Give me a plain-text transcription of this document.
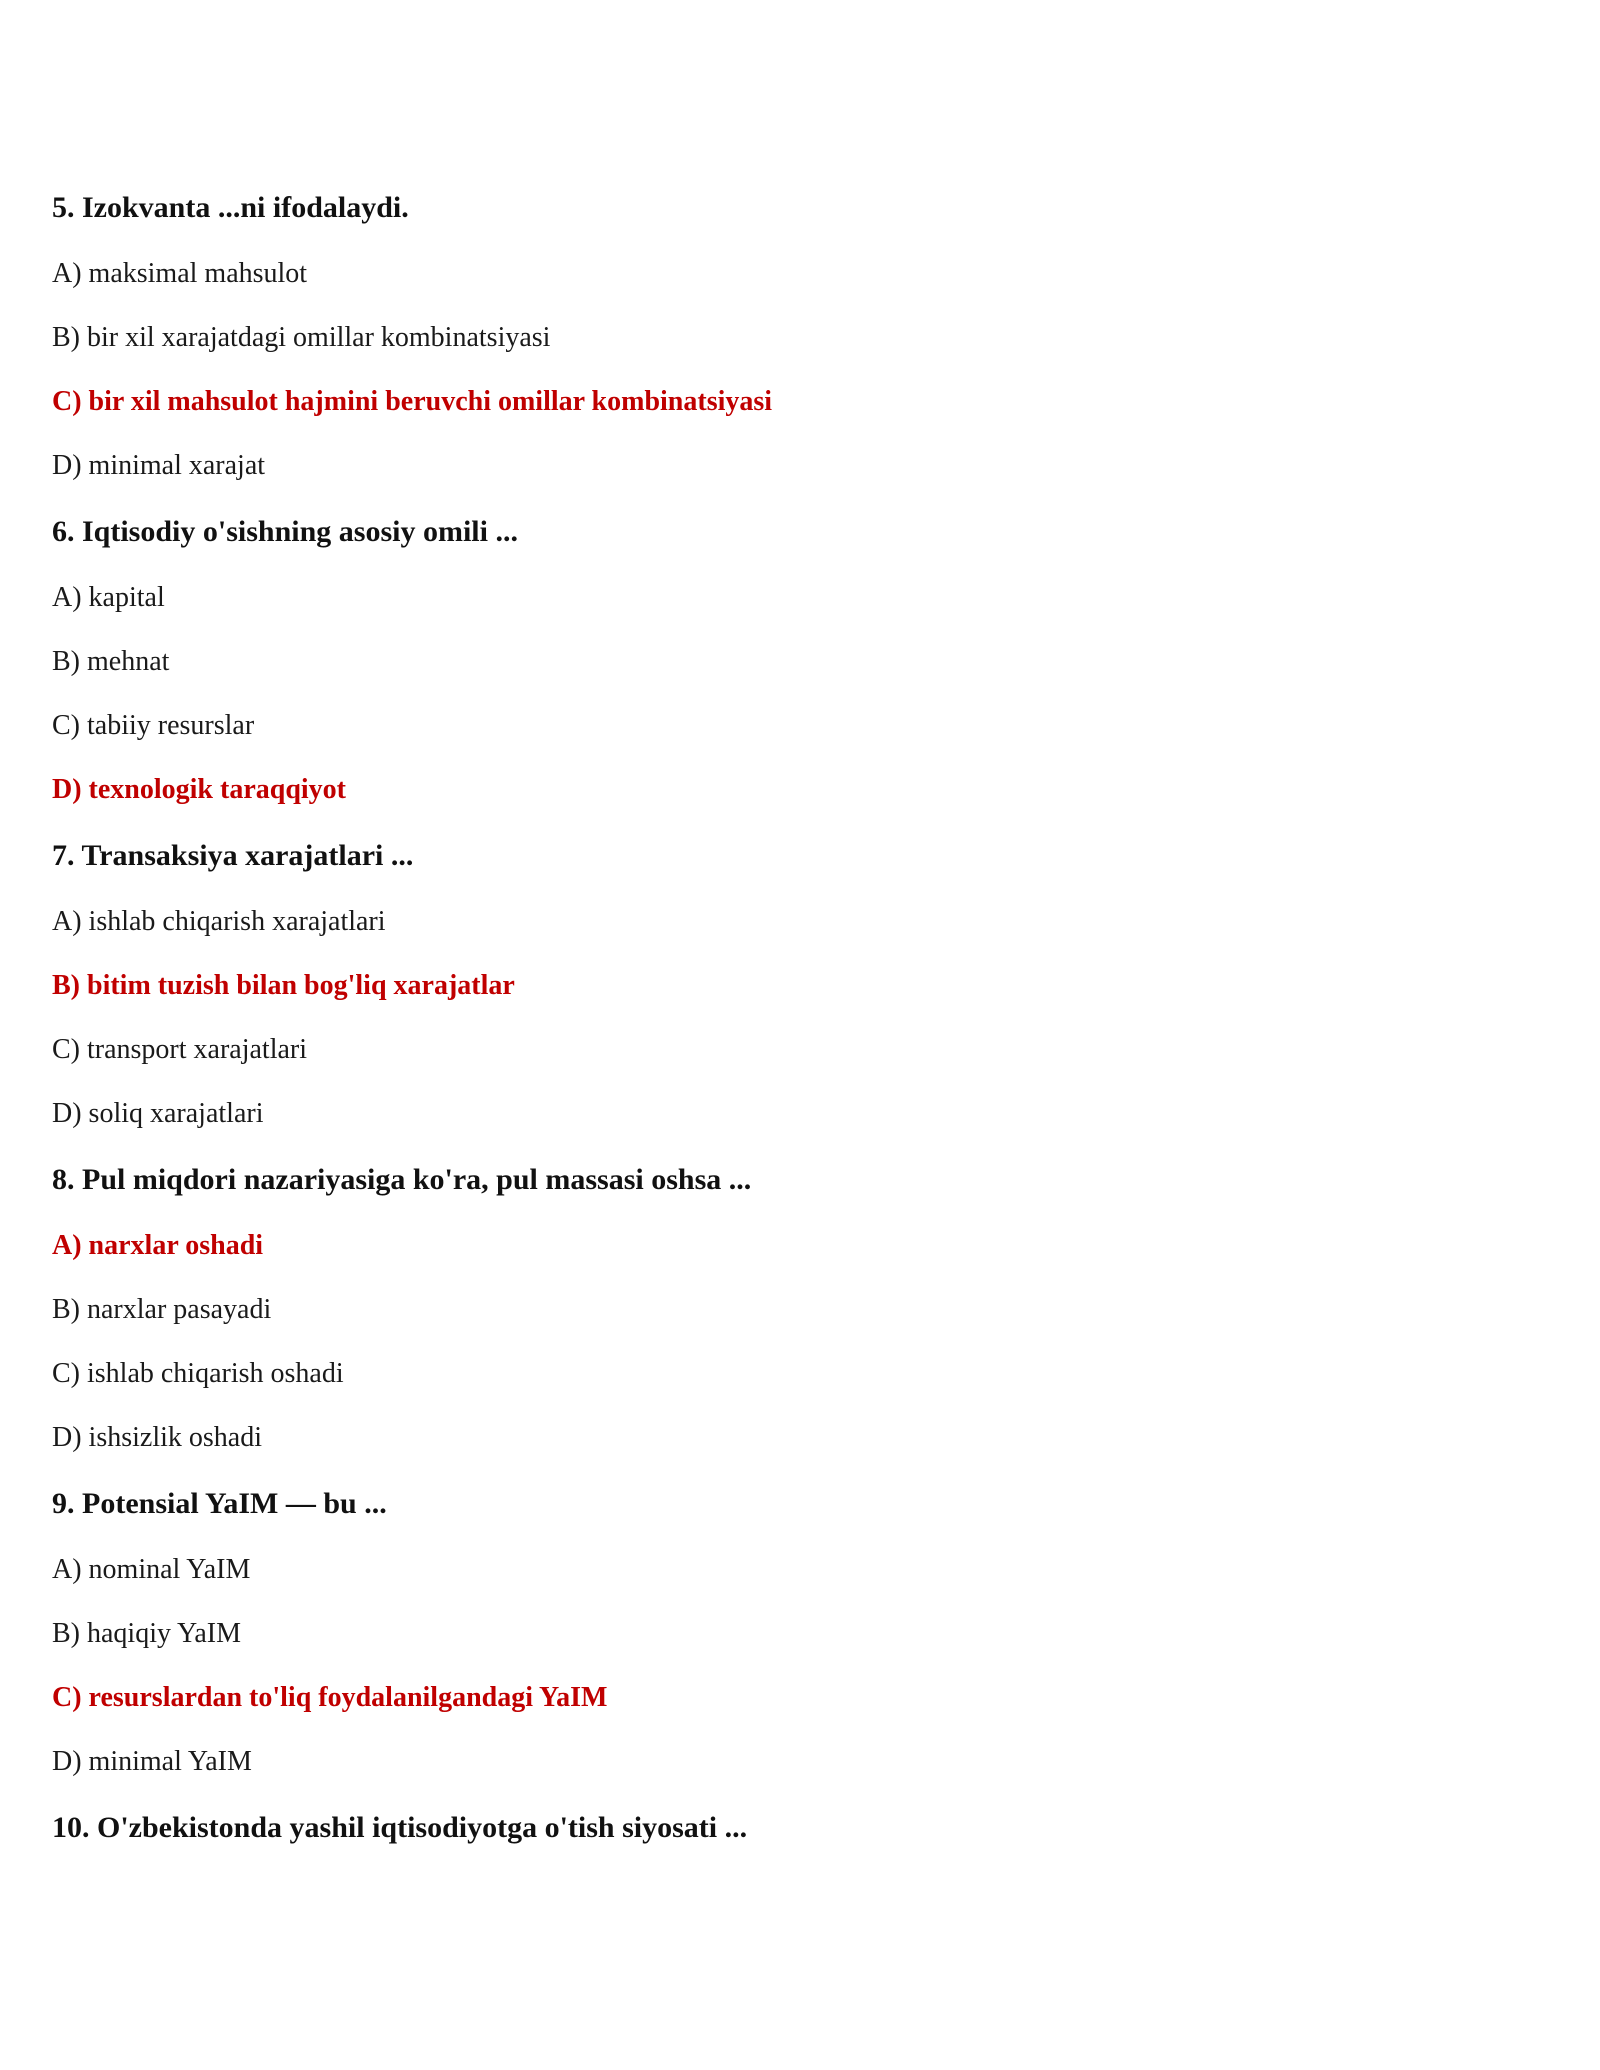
5. Izokvanta ...ni ifodalaydi.
A) maksimal mahsulot
B) bir xil xarajatdagi omillar kombinatsiyasi
C) bir xil mahsulot hajmini beruvchi omillar kombinatsiyasi
D) minimal xarajat
6. Iqtisodiy o'sishning asosiy omili ...
A) kapital
B) mehnat
C) tabiiy resurslar
D) texnologik taraqqiyot
7. Transaksiya xarajatlari ...
A) ishlab chiqarish xarajatlari
B) bitim tuzish bilan bog'liq xarajatlar
C) transport xarajatlari
D) soliq xarajatlari
8. Pul miqdori nazariyasiga ko'ra, pul massasi oshsa ...
A) narxlar oshadi
B) narxlar pasayadi
C) ishlab chiqarish oshadi
D) ishsizlik oshadi
9. Potensial YaIM — bu ...
A) nominal YaIM
B) haqiqiy YaIM
C) resurslardan to'liq foydalanilgandagi YaIM
D) minimal YaIM
10. O'zbekistonda yashil iqtisodiyotga o'tish siyosati ...
